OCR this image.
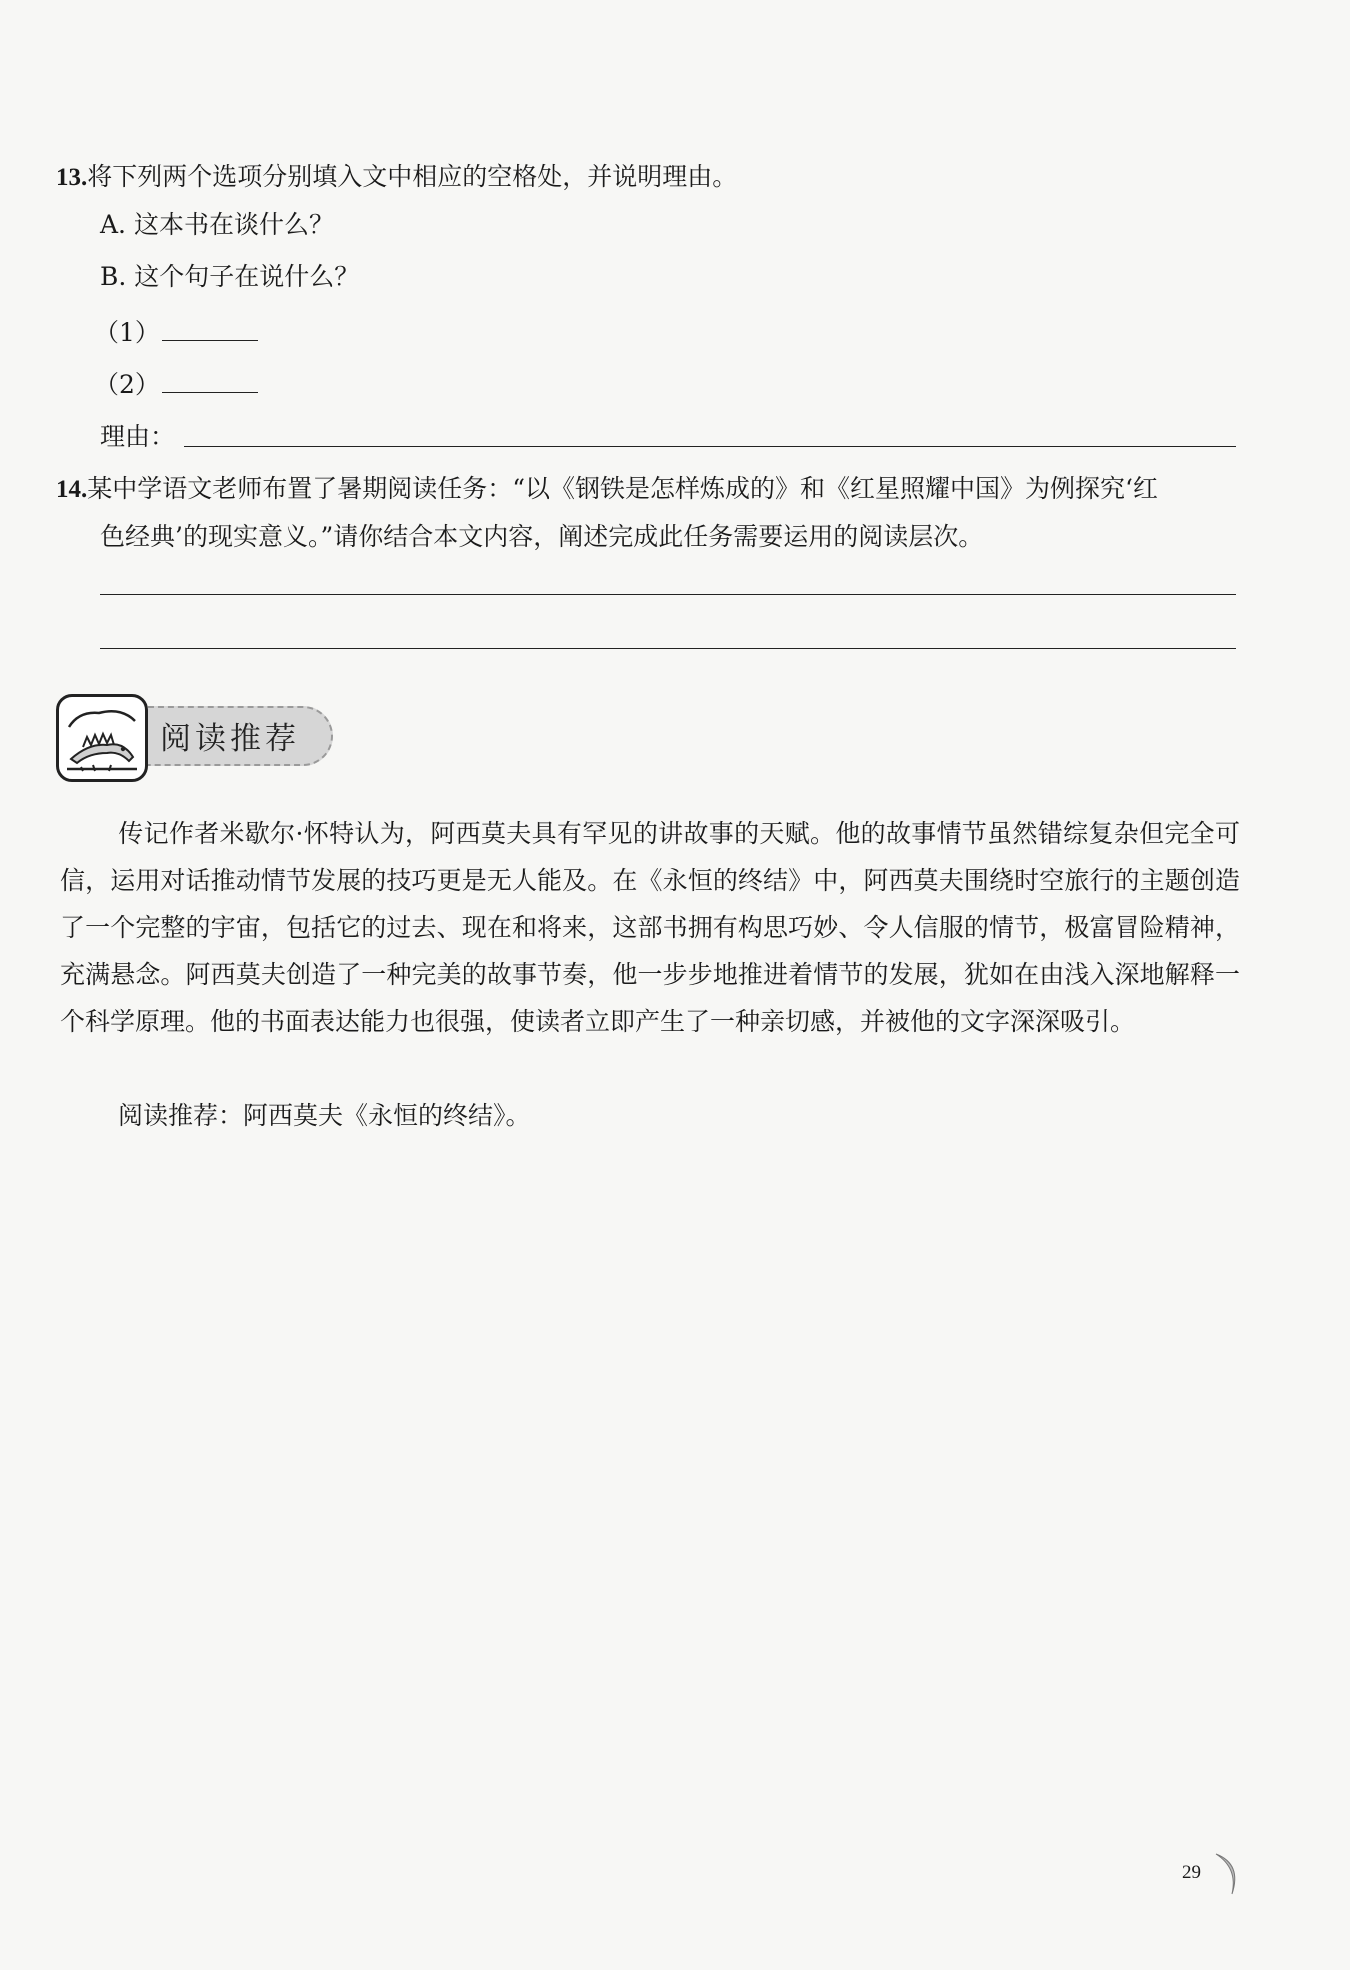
13.将下列两个选项分别填入文中相应的空格处，并说明理由。
A. 这本书在谈什么？
B. 这个句子在说什么？
（1）
（2）
理由：
14.某中学语文老师布置了暑期阅读任务：“以《钢铁是怎样炼成的》和《红星照耀中国》为例探究‘红
色经典’的现实意义。”请你结合本文内容，阐述完成此任务需要运用的阅读层次。
阅读推荐
传记作者米歇尔·怀特认为，阿西莫夫具有罕见的讲故事的天赋。他的故事情节虽然错综复杂但完全可信，运用对话推动情节发展的技巧更是无人能及。在《永恒的终结》中，阿西莫夫围绕时空旅行的主题创造了一个完整的宇宙，包括它的过去、现在和将来，这部书拥有构思巧妙、令人信服的情节，极富冒险精神，充满悬念。阿西莫夫创造了一种完美的故事节奏，他一步步地推进着情节的发展，犹如在由浅入深地解释一个科学原理。他的书面表达能力也很强，使读者立即产生了一种亲切感，并被他的文字深深吸引。
阅读推荐：阿西莫夫《永恒的终结》。
29
